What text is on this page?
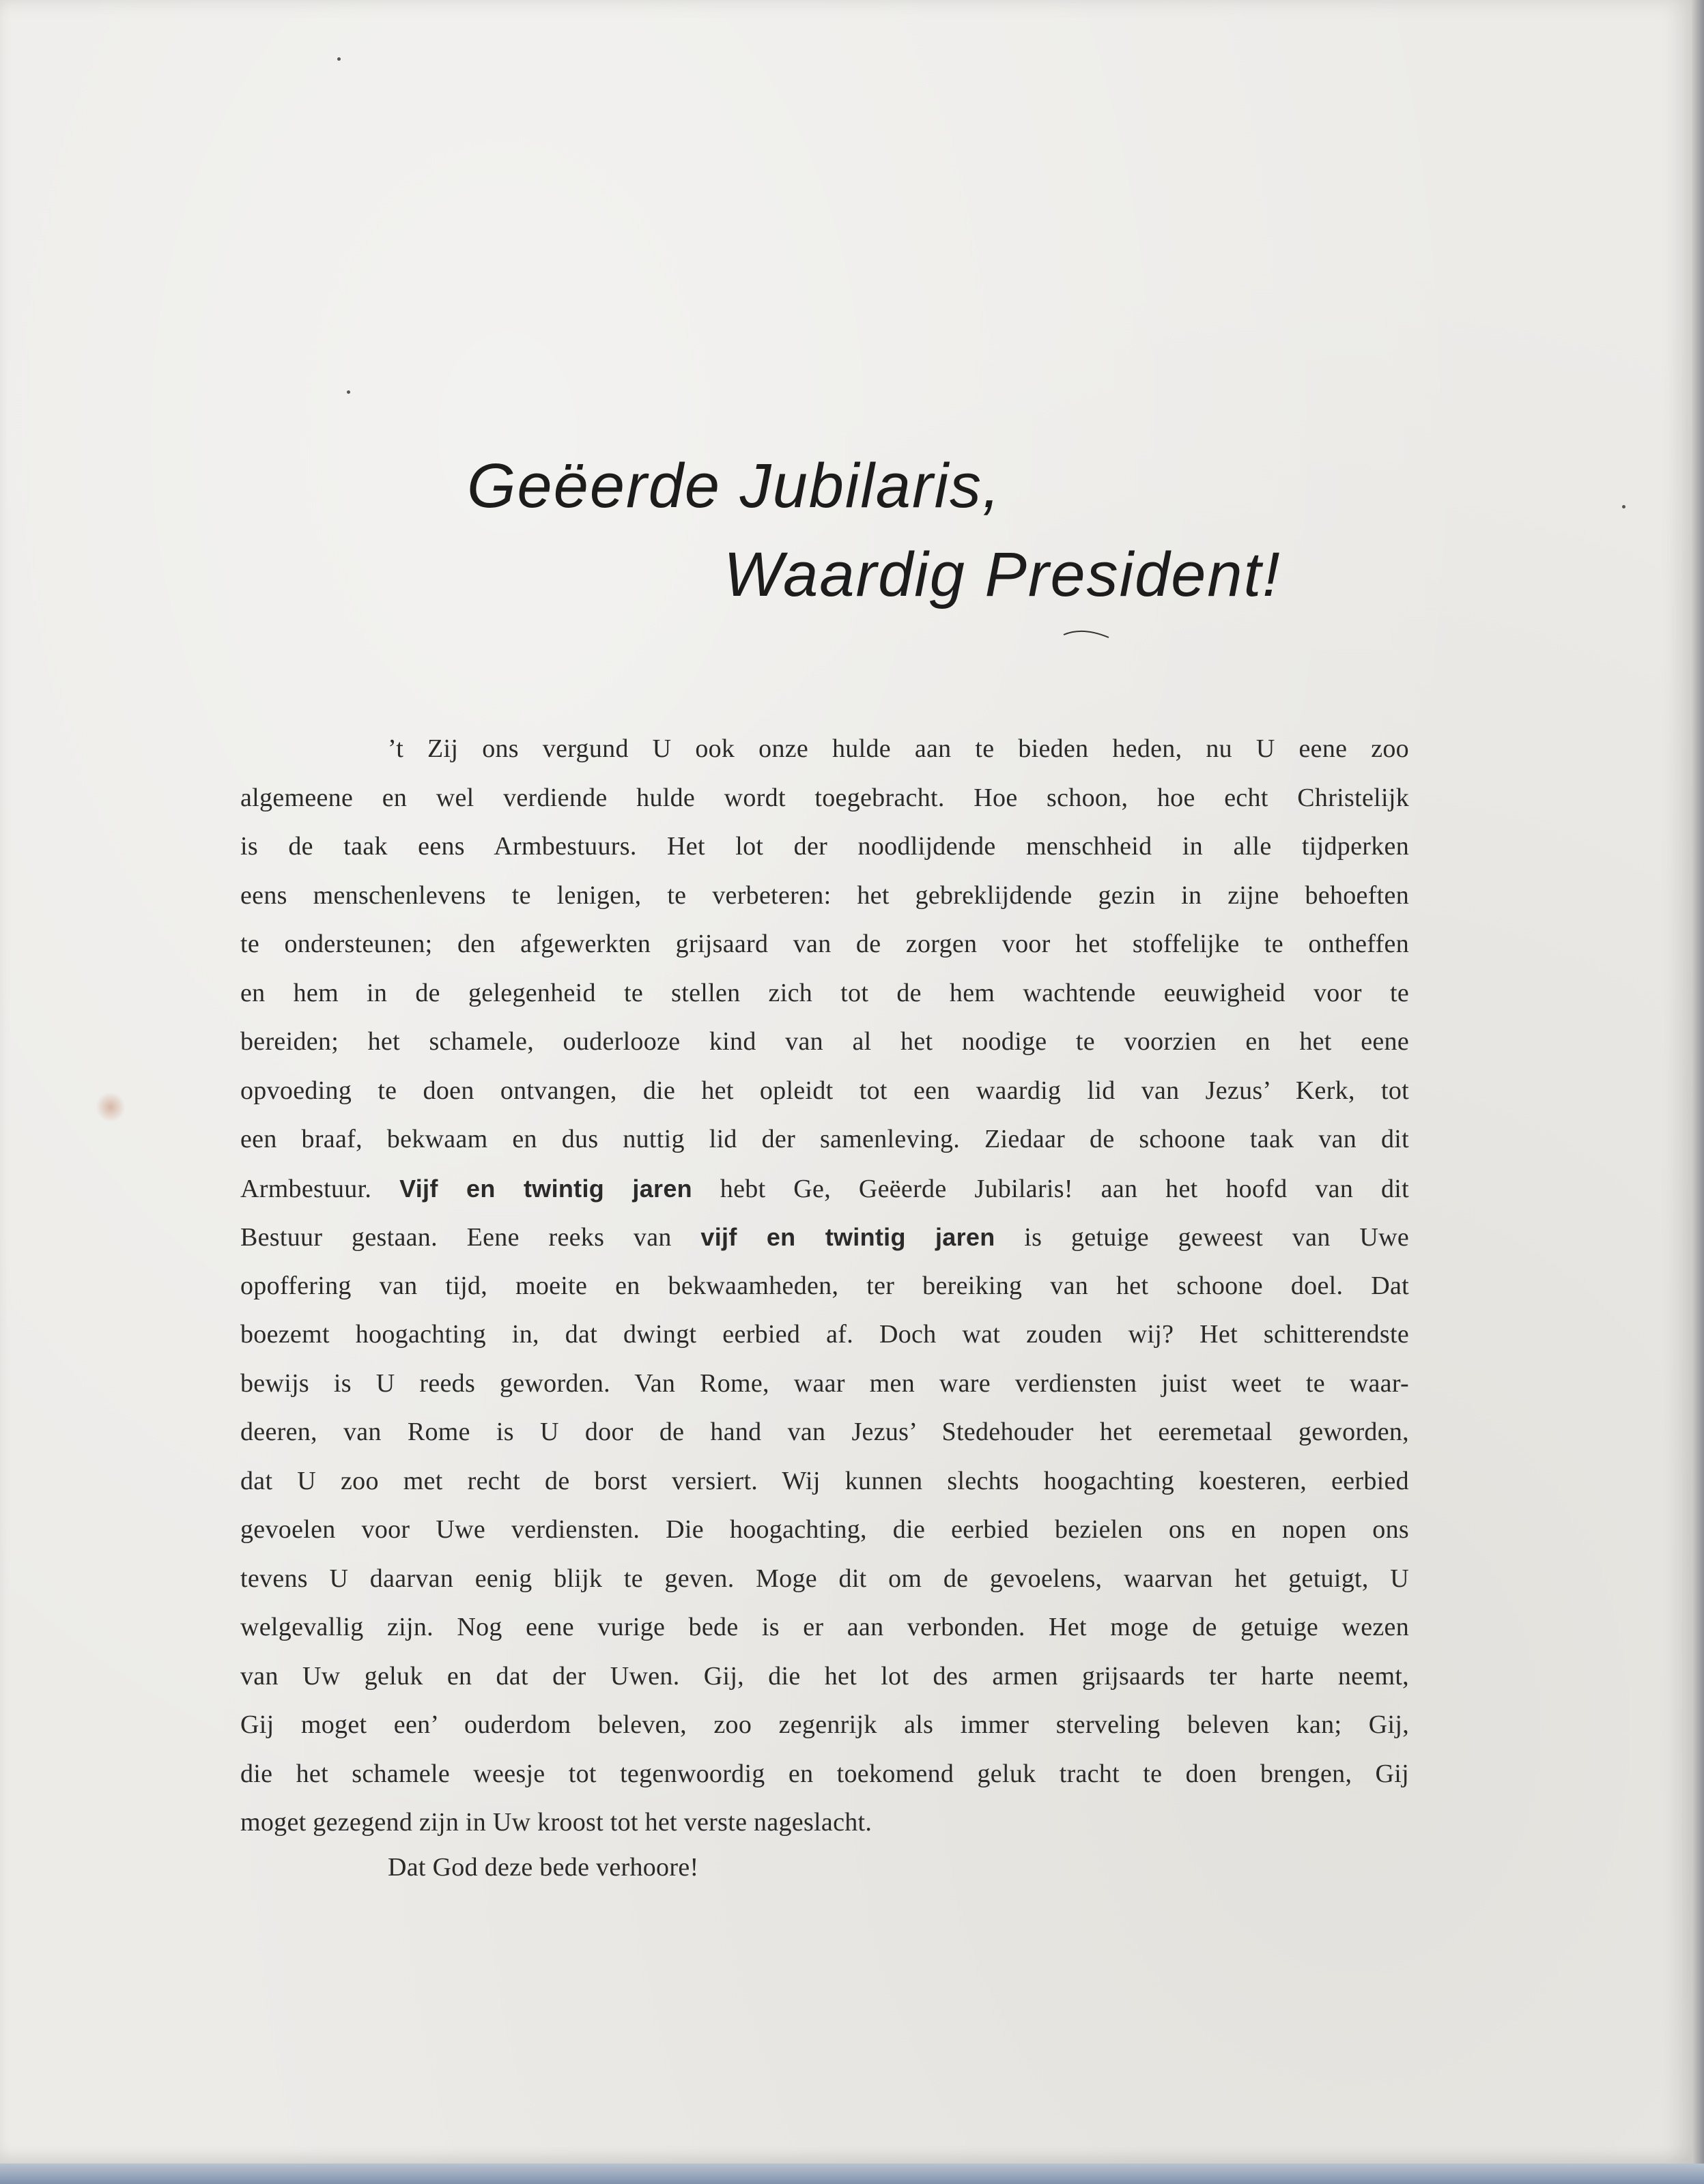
Geëerde Jubilaris,
Waardig President!
’t Zij ons vergund U ook onze hulde aan te bieden heden, nu U eene zoo
algemeene en wel verdiende hulde wordt toegebracht. Hoe schoon, hoe echt Christelijk
is de taak eens Armbestuurs. Het lot der noodlijdende menschheid in alle tijdperken
eens menschenlevens te lenigen, te verbeteren: het gebreklijdende gezin in zijne behoeften
te ondersteunen; den afgewerkten grijsaard van de zorgen voor het stoffelijke te ontheffen
en hem in de gelegenheid te stellen zich tot de hem wachtende eeuwigheid voor te
bereiden; het schamele, ouderlooze kind van al het noodige te voorzien en het eene
opvoeding te doen ontvangen, die het opleidt tot een waardig lid van Jezus’ Kerk, tot
een braaf, bekwaam en dus nuttig lid der samenleving. Ziedaar de schoone taak van dit
Armbestuur. Vijf en twintig jaren hebt Ge, Geëerde Jubilaris! aan het hoofd van dit
Bestuur gestaan. Eene reeks van vijf en twintig jaren is getuige geweest van Uwe
opoffering van tijd, moeite en bekwaamheden, ter bereiking van het schoone doel. Dat
boezemt hoogachting in, dat dwingt eerbied af. Doch wat zouden wij? Het schitterendste
bewijs is U reeds geworden. Van Rome, waar men ware verdiensten juist weet te waar-
deeren, van Rome is U door de hand van Jezus’ Stedehouder het eeremetaal geworden,
dat U zoo met recht de borst versiert. Wij kunnen slechts hoogachting koesteren, eerbied
gevoelen voor Uwe verdiensten. Die hoogachting, die eerbied bezielen ons en nopen ons
tevens U daarvan eenig blijk te geven. Moge dit om de gevoelens, waarvan het getuigt, U
welgevallig zijn. Nog eene vurige bede is er aan verbonden. Het moge de getuige wezen
van Uw geluk en dat der Uwen. Gij, die het lot des armen grijsaards ter harte neemt,
Gij moget een’ ouderdom beleven, zoo zegenrijk als immer sterveling beleven kan; Gij,
die het schamele weesje tot tegenwoordig en toekomend geluk tracht te doen brengen, Gij
moget gezegend zijn in Uw kroost tot het verste nageslacht.
Dat God deze bede verhoore!
